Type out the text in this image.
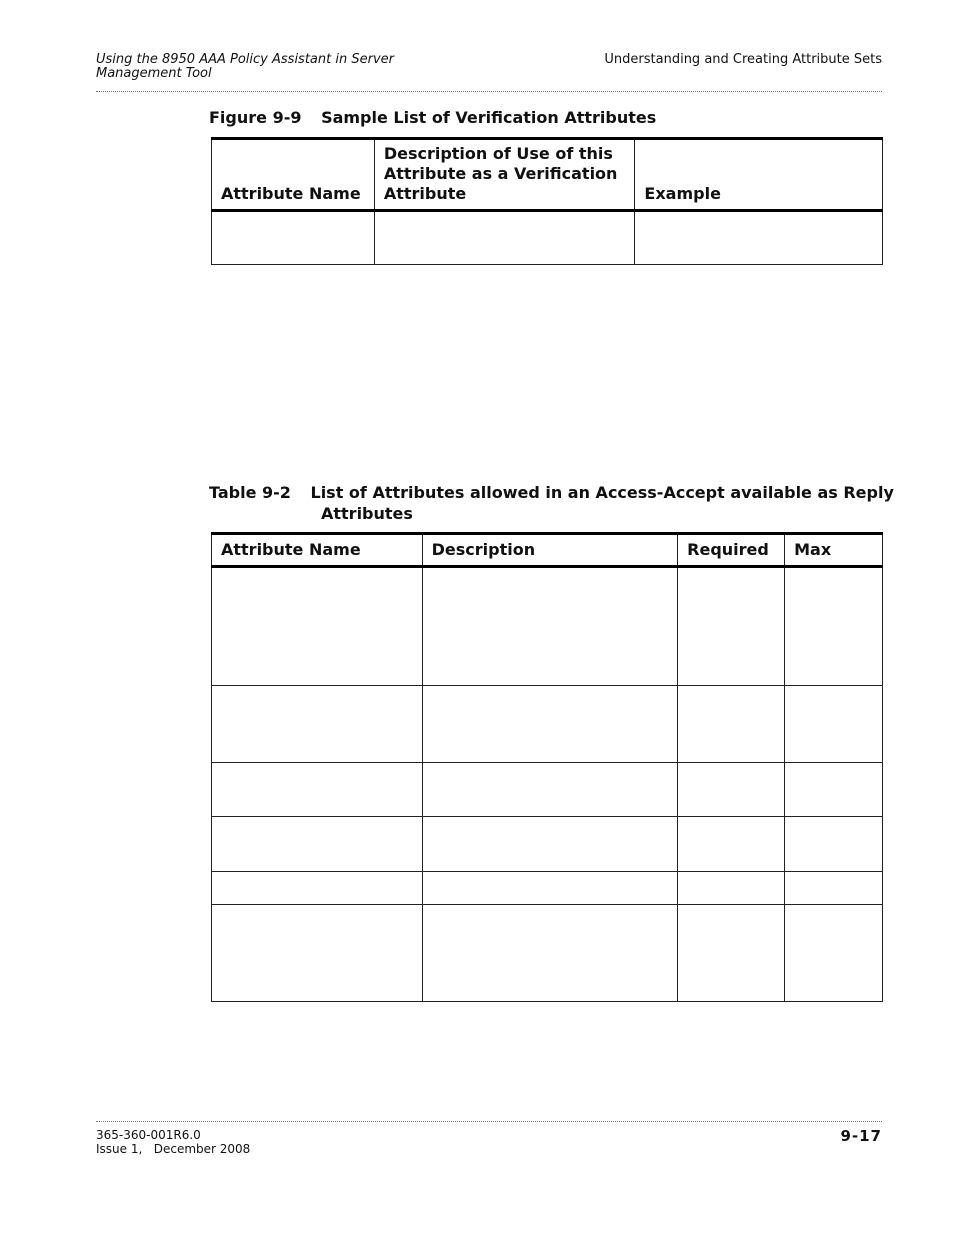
Using the 8950 AAA Policy Assistant in Server
Management Tool
Understanding and Creating Attribute Sets
Figure 9-9 Sample List of Verification Attributes
Attribute Name	Description of Use of this Attribute as a Verification Attribute	Example

Table 9-2 List of Attributes allowed in an Access-Accept available as Reply
Attributes
Attribute Name	Description	Required	Max

365-360-001R6.0
Issue 1,   December 2008
9-17
